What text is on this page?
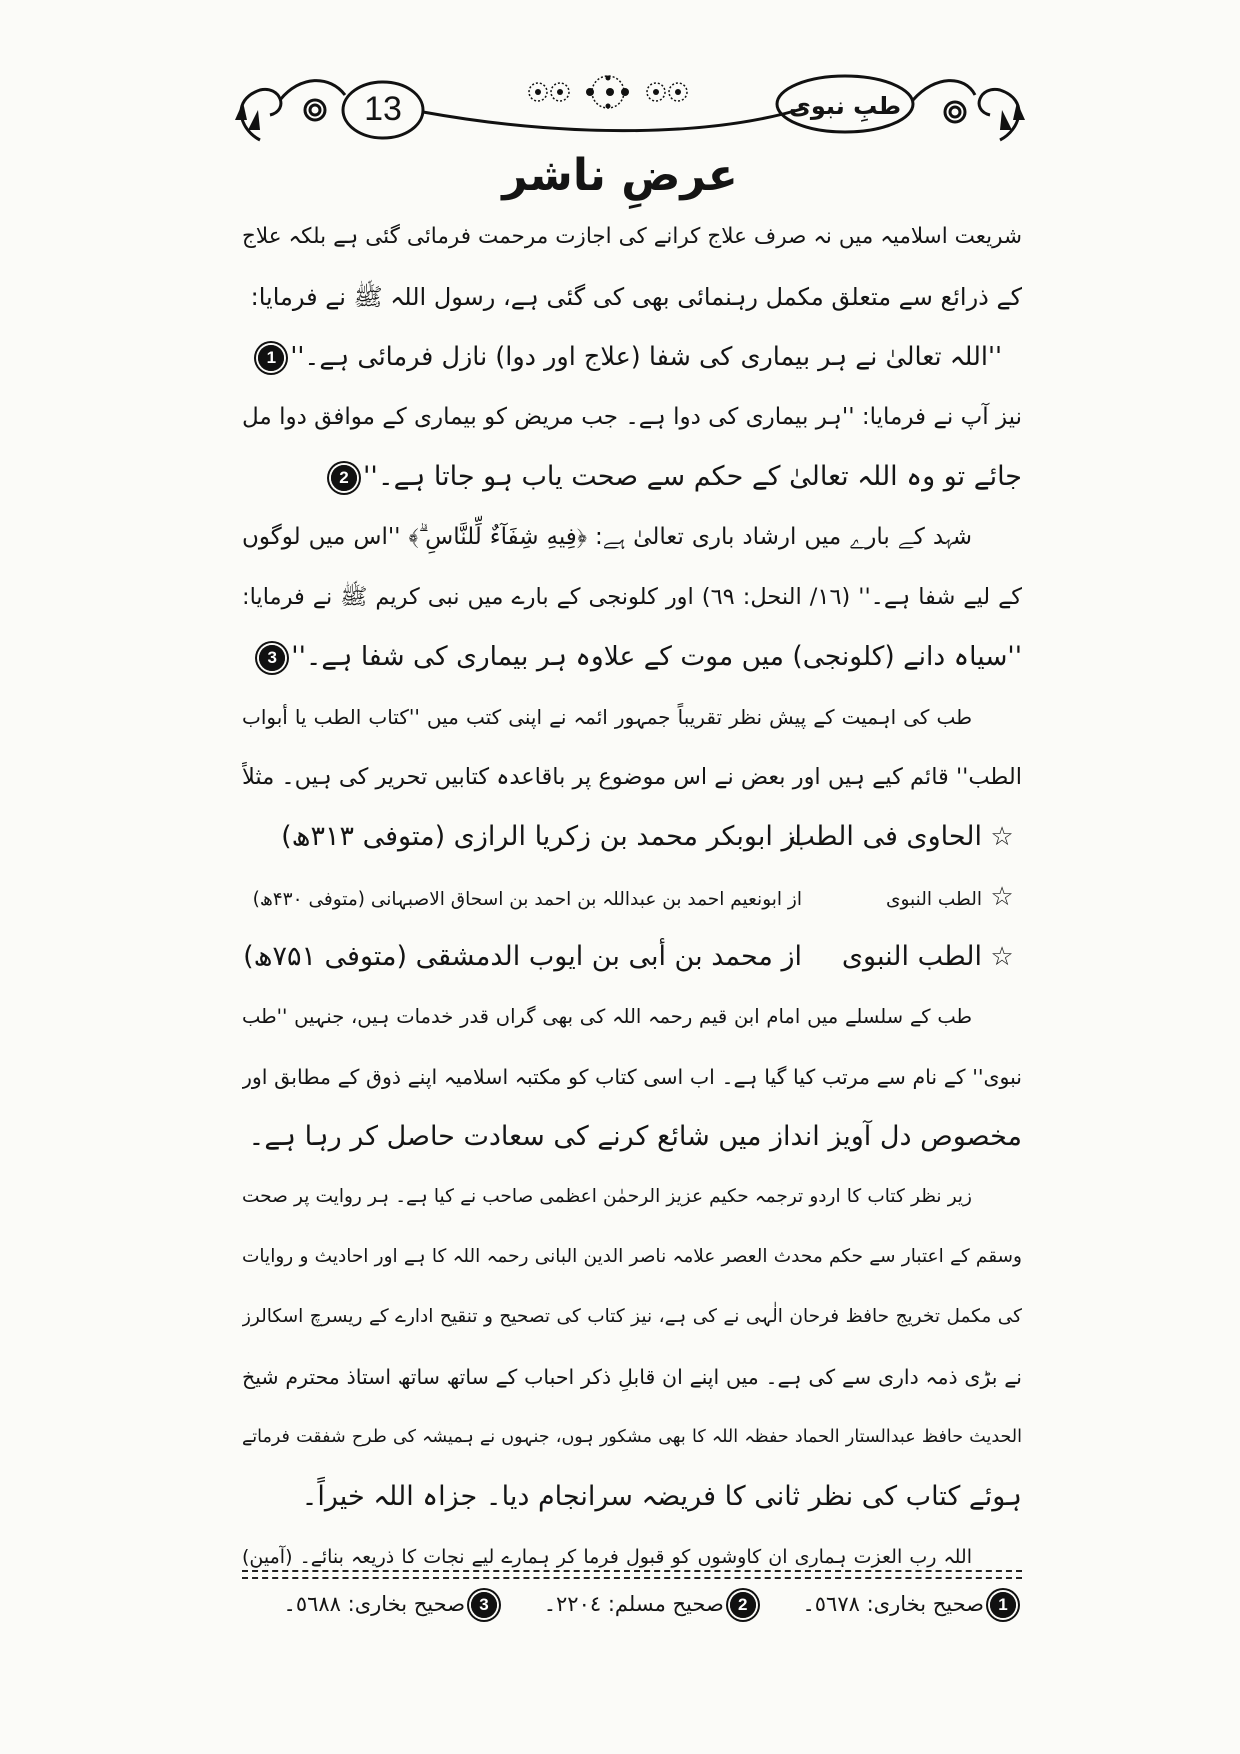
13	طبِ نبوی
عرضِ ناشر
شریعت اسلامیہ میں نہ صرف علاج کرانے کی اجازت مرحمت فرمائی گئی ہے بلکہ علاج
کے ذرائع سے متعلق مکمل رہنمائی بھی کی گئی ہے، رسول اللہ ﷺ نے فرمایا:
''اللہ تعالیٰ نے ہر بیماری کی شفا (علاج اور دوا) نازل فرمائی ہے۔''1
نیز آپ نے فرمایا: ''ہر بیماری کی دوا ہے۔ جب مریض کو بیماری کے موافق دوا مل
جائے تو وہ اللہ تعالیٰ کے حکم سے صحت یاب ہو جاتا ہے۔''2
شہد کے بارے میں ارشاد باری تعالیٰ ہے: ﴿فِيهِ شِفَآءٌ لِّلنَّاسِ ۗ﴾ ''اس میں لوگوں
کے لیے شفا ہے۔'' (١٦/ النحل: ٦٩) اور کلونجی کے بارے میں نبی کریم ﷺ نے فرمایا:
''سیاہ دانے (کلونجی) میں موت کے علاوہ ہر بیماری کی شفا ہے۔''3
طب کی اہمیت کے پیش نظر تقریباً جمہور ائمہ نے اپنی کتب میں ''کتاب الطب یا أبواب
الطب'' قائم کیے ہیں اور بعض نے اس موضوع پر باقاعدہ کتابیں تحریر کی ہیں۔ مثلاً
☆الحاوی فی الطباز ابوبکر محمد بن زکریا الرازی (متوفی ۳۱۳ھ)
☆الطب النبویاز ابونعیم احمد بن عبداللہ بن احمد بن اسحاق الاصبہانی (متوفی ۴۳۰ھ)
☆الطب النبویاز محمد بن أبی بن ایوب الدمشقی (متوفی ۷۵۱ھ)
طب کے سلسلے میں امام ابن قیم رحمہ اللہ کی بھی گراں قدر خدمات ہیں، جنہیں ''طب
نبوی'' کے نام سے مرتب کیا گیا ہے۔ اب اسی کتاب کو مکتبہ اسلامیہ اپنے ذوق کے مطابق اور
مخصوص دل آویز انداز میں شائع کرنے کی سعادت حاصل کر رہا ہے۔
زیر نظر کتاب کا اردو ترجمہ حکیم عزیز الرحمٰن اعظمی صاحب نے کیا ہے۔ ہر روایت پر صحت
وسقم کے اعتبار سے حکم محدث العصر علامہ ناصر الدین البانی رحمہ اللہ کا ہے اور احادیث و روایات
کی مکمل تخریج حافظ فرحان الٰہی نے کی ہے، نیز کتاب کی تصحیح و تنقیح ادارے کے ریسرچ اسکالرز
نے بڑی ذمہ داری سے کی ہے۔ میں اپنے ان قابلِ ذکر احباب کے ساتھ ساتھ استاذ محترم شیخ
الحدیث حافظ عبدالستار الحماد حفظہ اللہ کا بھی مشکور ہوں، جنہوں نے ہمیشہ کی طرح شفقت فرماتے
ہوئے کتاب کی نظر ثانی کا فریضہ سرانجام دیا۔ جزاہ اللہ خیراً۔
اللہ رب العزت ہماری ان کاوشوں کو قبول فرما کر ہمارے لیے نجات کا ذریعہ بنائے۔ (آمین)
1صحیح بخاری: ٥٦٧٨۔ 2صحیح مسلم: ٢٢٠٤۔ 3صحیح بخاری: ٥٦٨٨۔
